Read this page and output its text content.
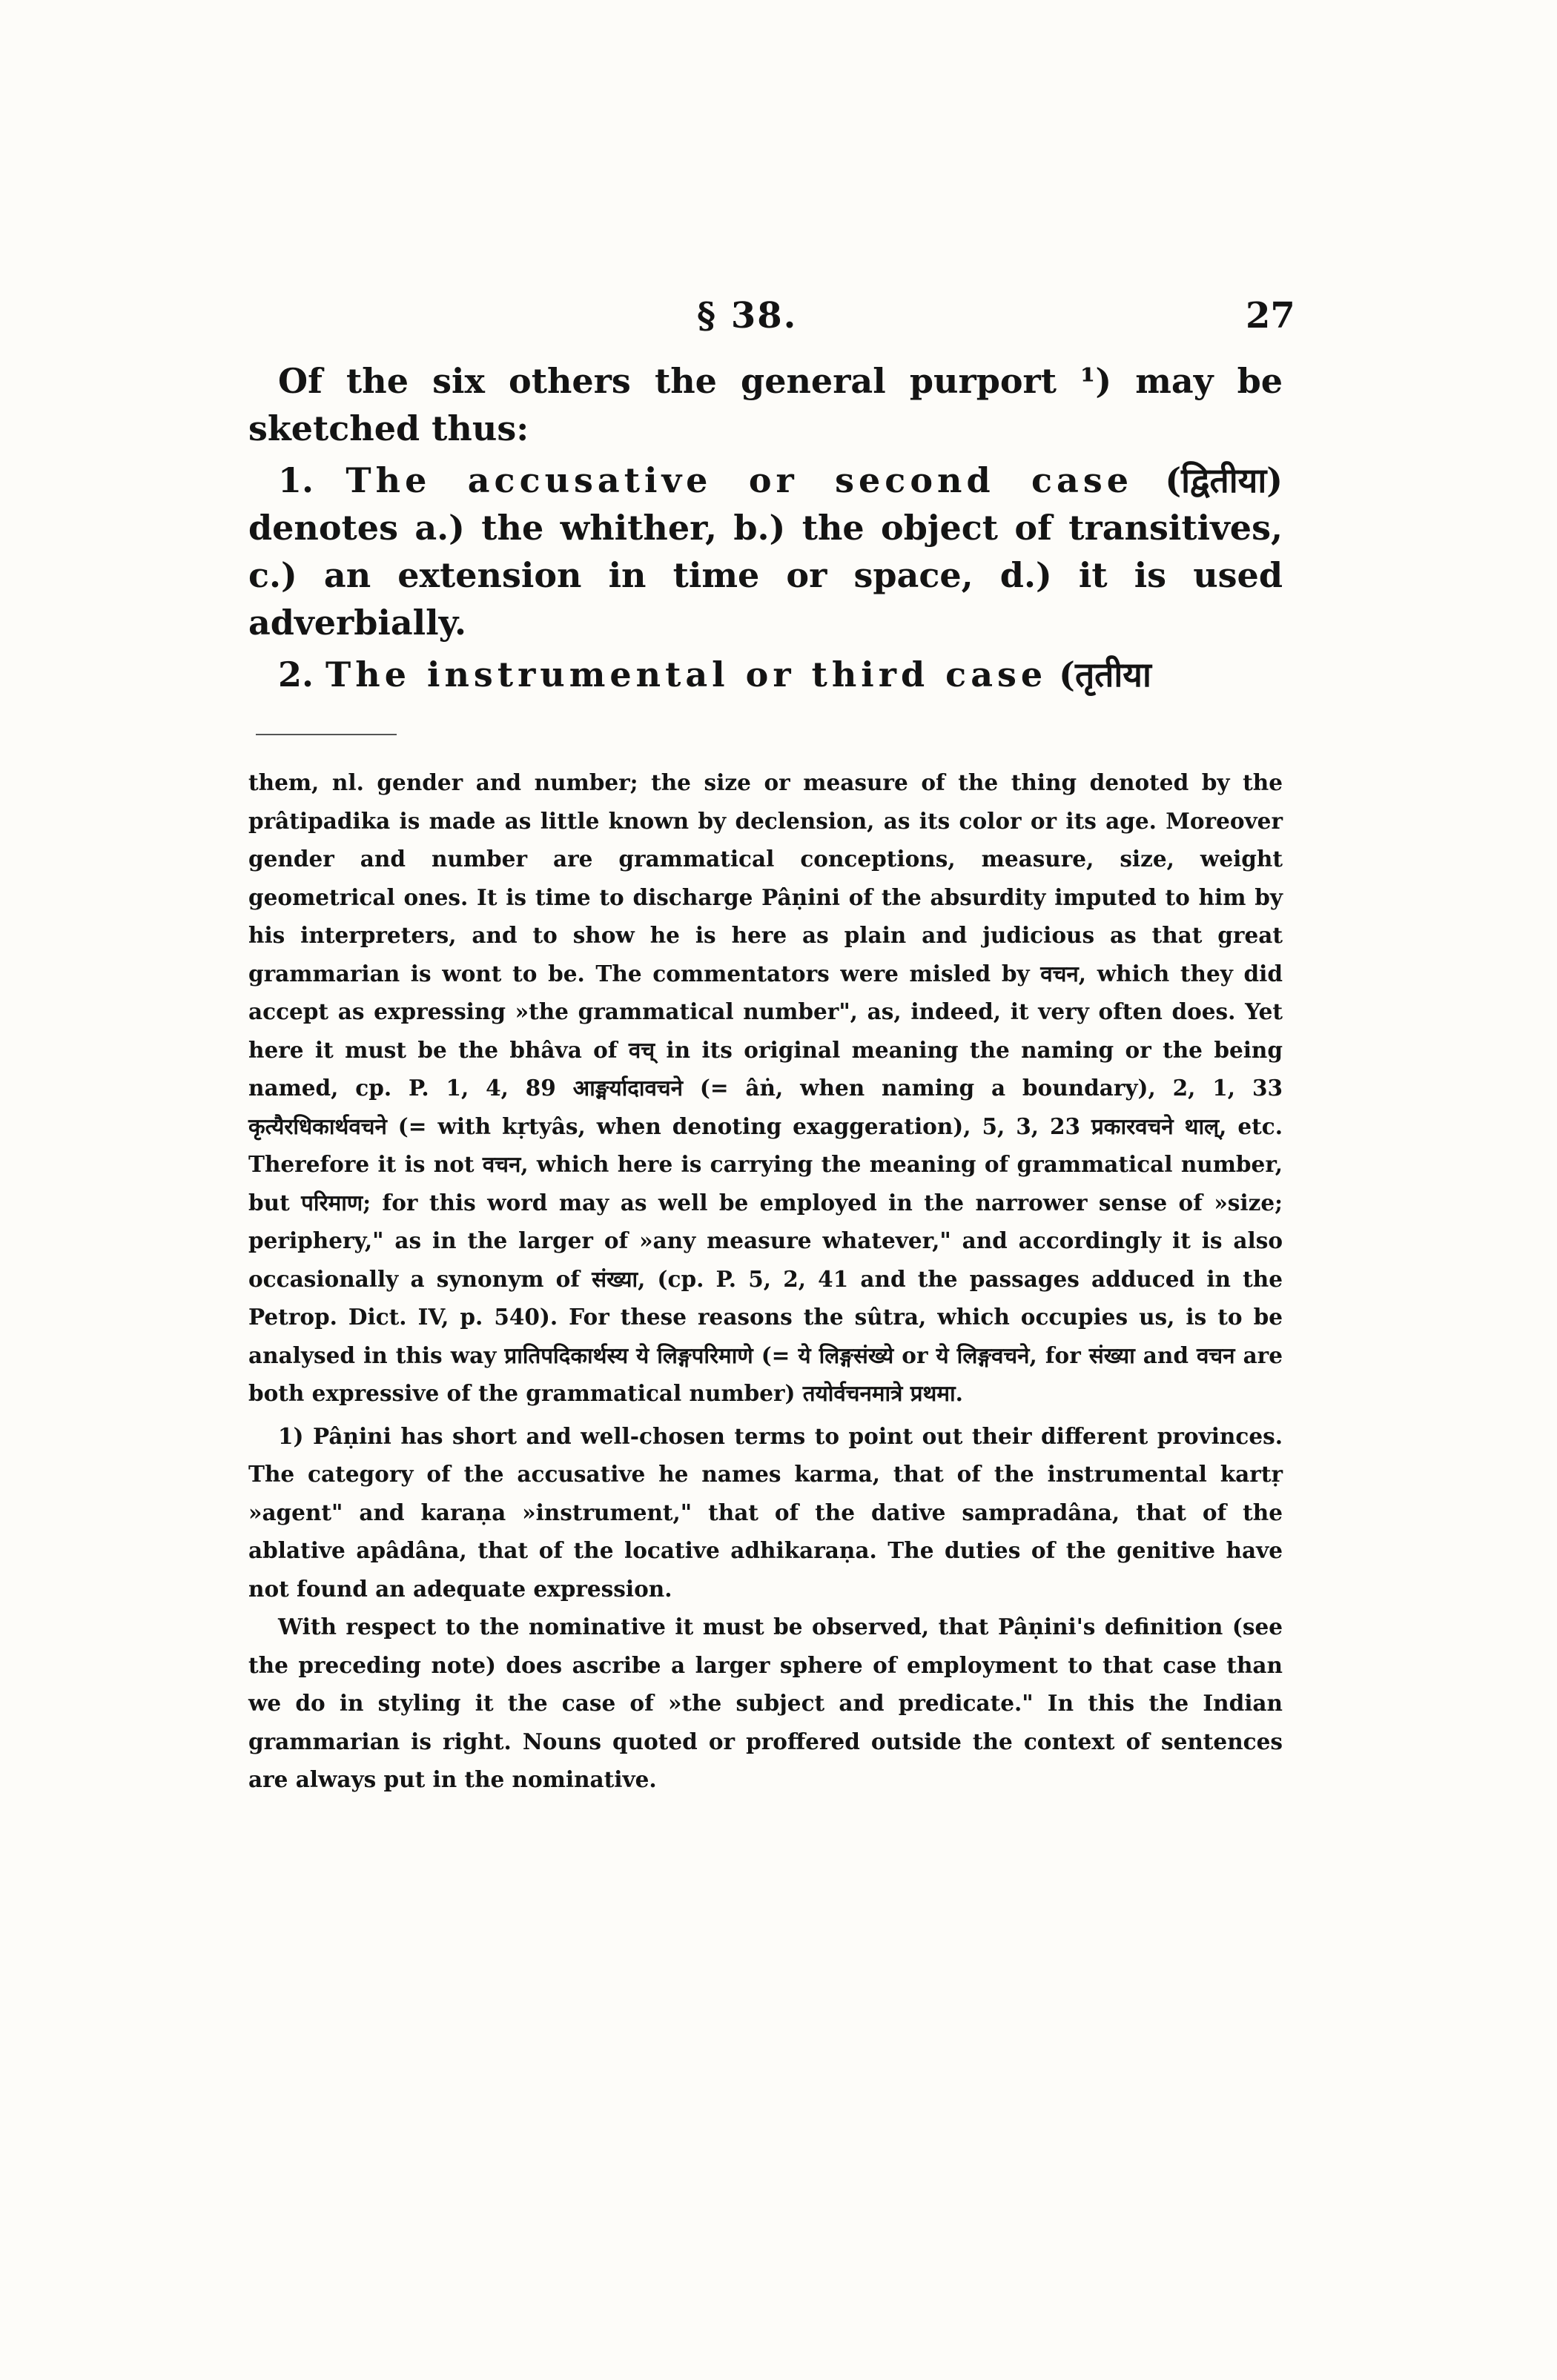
§ 38.	27

Of the six others the general purport ¹) may be sketched thus:

1. The accusative or second case (द्वितीया) denotes a.) the whither, b.) the object of transitives, c.) an extension in time or space, d.) it is used adverbially.

2. The instrumental or third case (तृतीया

them, nl. gender and number; the size or measure of the thing denoted by the prâtipadika is made as little known by declension, as its color or its age. Moreover gender and number are grammatical conceptions, measure, size, weight geometrical ones. It is time to discharge Pâṇini of the absurdity imputed to him by his interpreters, and to show he is here as plain and judicious as that great grammarian is wont to be. The commentators were misled by वचन, which they did accept as expressing »the grammatical number", as, indeed, it very often does. Yet here it must be the bhâva of वच् in its original meaning the naming or the being named, cp. P. 1, 4, 89 आङ्मर्यादावचने (= âṅ, when naming a boundary), 2, 1, 33 कृत्यैरधिकार्थवचने (= with kṛtyâs, when denoting exaggeration), 5, 3, 23 प्रकारवचने थाल्, etc. Therefore it is not वचन, which here is carrying the meaning of grammatical number, but परिमाण; for this word may as well be employed in the narrower sense of »size; periphery," as in the larger of »any measure whatever," and accordingly it is also occasionally a synonym of संख्या, (cp. P. 5, 2, 41 and the passages adduced in the Petrop. Dict. IV, p. 540). For these reasons the sûtra, which occupies us, is to be analysed in this way प्रातिपदिकार्थस्य ये लिङ्गपरिमाणे (= ये लिङ्गसंख्ये or ये लिङ्गवचने, for संख्या and वचन are both expressive of the grammatical number) तयोर्वचनमात्रे प्रथमा.

1) Pâṇini has short and well-chosen terms to point out their different provinces. The category of the accusative he names karma, that of the instrumental kartṛ »agent" and karaṇa »instrument," that of the dative sampradâna, that of the ablative apâdâna, that of the locative adhikaraṇa. The duties of the genitive have not found an adequate expression.

With respect to the nominative it must be observed, that Pâṇini's definition (see the preceding note) does ascribe a larger sphere of employment to that case than we do in styling it the case of »the subject and predicate." In this the Indian grammarian is right. Nouns quoted or proffered outside the context of sentences are always put in the nominative.
